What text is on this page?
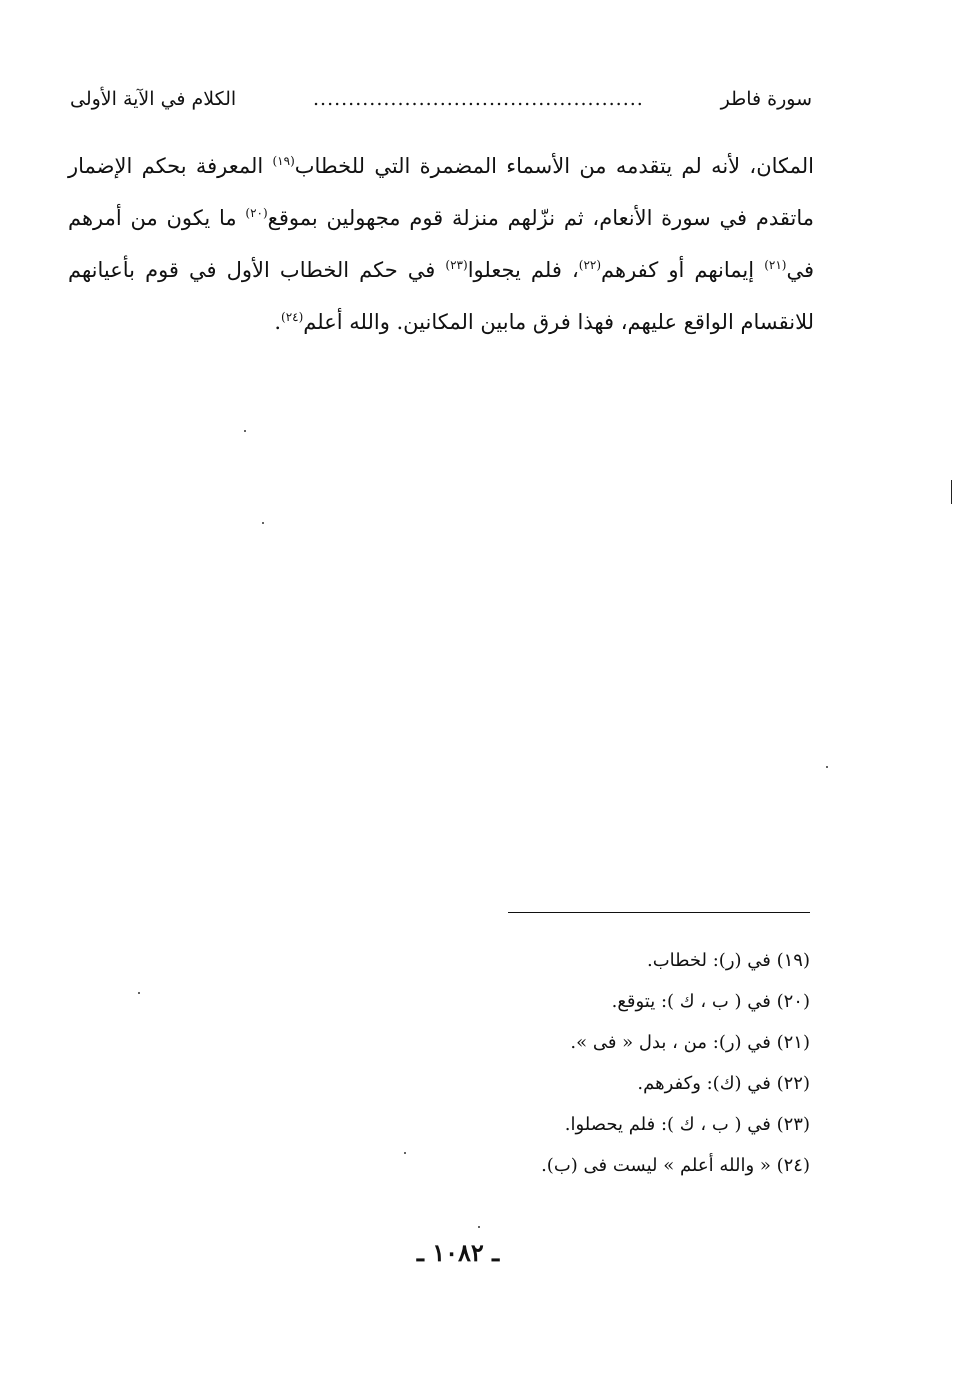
سورة فاطر
...............................................
الكلام في الآية الأولى

المكان، لأنه لم يتقدمه من الأسماء المضمرة التي للخطاب$^{(١٩)}$ المعرفة بحكم الإضمار ماتقدم في سورة الأنعام، ثم نزّلهم منزلة قوم مجهولين بموقع$^{(٢٠)}$ ما يكون من أمرهم في$^{(٢١)}$ إيمانهم أو كفرهم$^{(٢٢)}$، فلم يجعلوا$^{(٢٣)}$ في حكم الخطاب الأول في قوم بأعيانهم للانقسام الواقع عليهم، فهذا فرق مابين المكانين. والله أعلم$^{(٢٤)}$.

(١٩) في (ر): لخطاب.
(٢٠) في ( ب ، ك ): يتوقع.
(٢١) في (ر): من ، بدل « فى ».
(٢٢) في (ك): وكفرهم.
(٢٣) في ( ب ، ك ): فلم يحصلوا.
(٢٤) « والله أعلم » ليست فى (ب).
ـ ١٠٨٢ ـ
